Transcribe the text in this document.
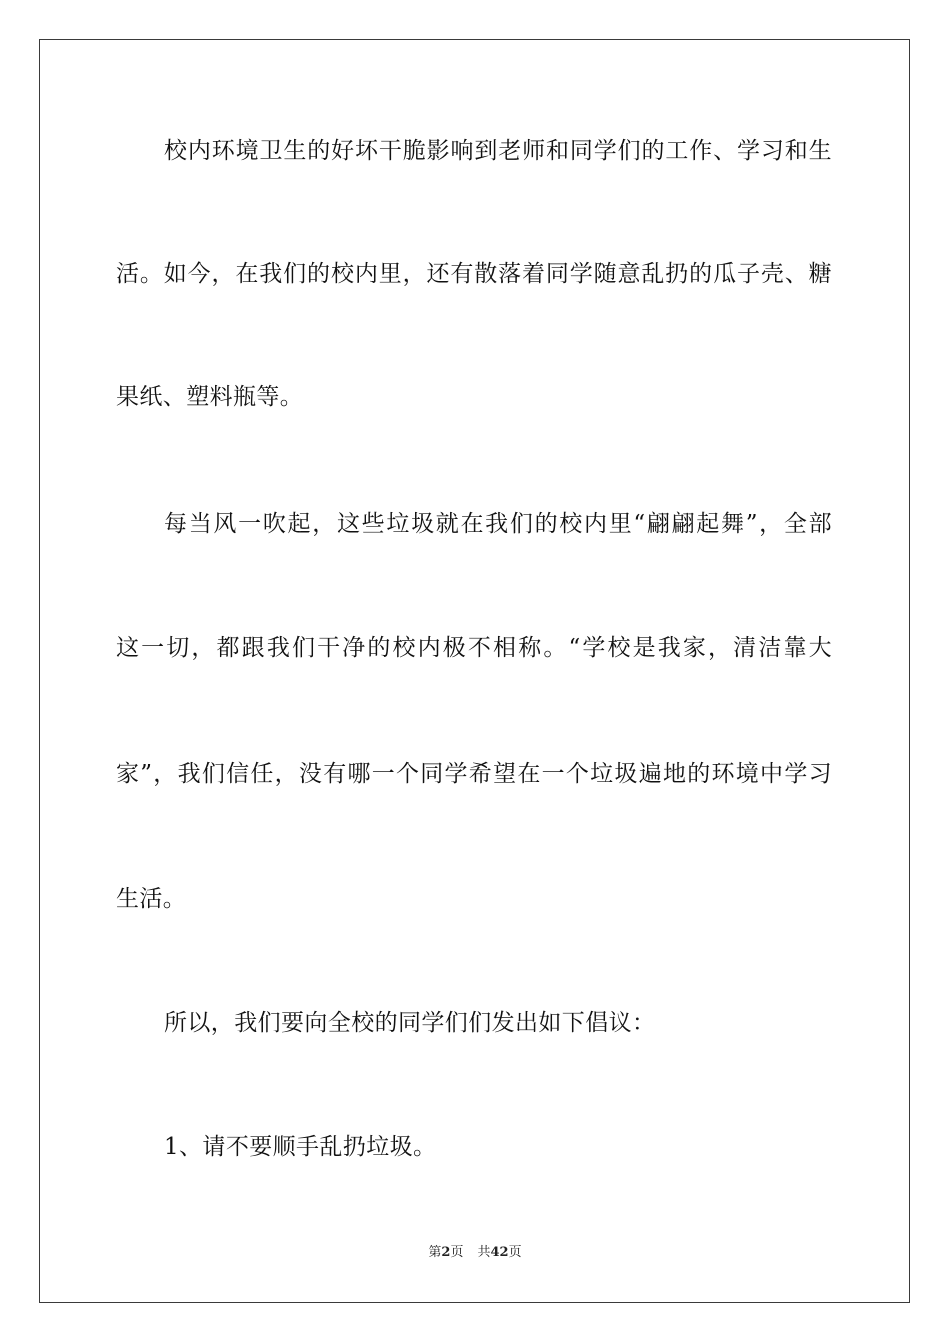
校内环境卫生的好坏干脆影响到老师和同学们的工作、学习和生

活。如今，在我们的校内里，还有散落着同学随意乱扔的瓜子壳、糖

果纸、塑料瓶等。

每当风一吹起，这些垃圾就在我们的校内里“翩翩起舞”，全部

这一切，都跟我们干净的校内极不相称。“学校是我家，清洁靠大

家”，我们信任，没有哪一个同学希望在一个垃圾遍地的环境中学习

生活。

所以，我们要向全校的同学们们发出如下倡议：

1、请不要顺手乱扔垃圾。

第2页 共42页
